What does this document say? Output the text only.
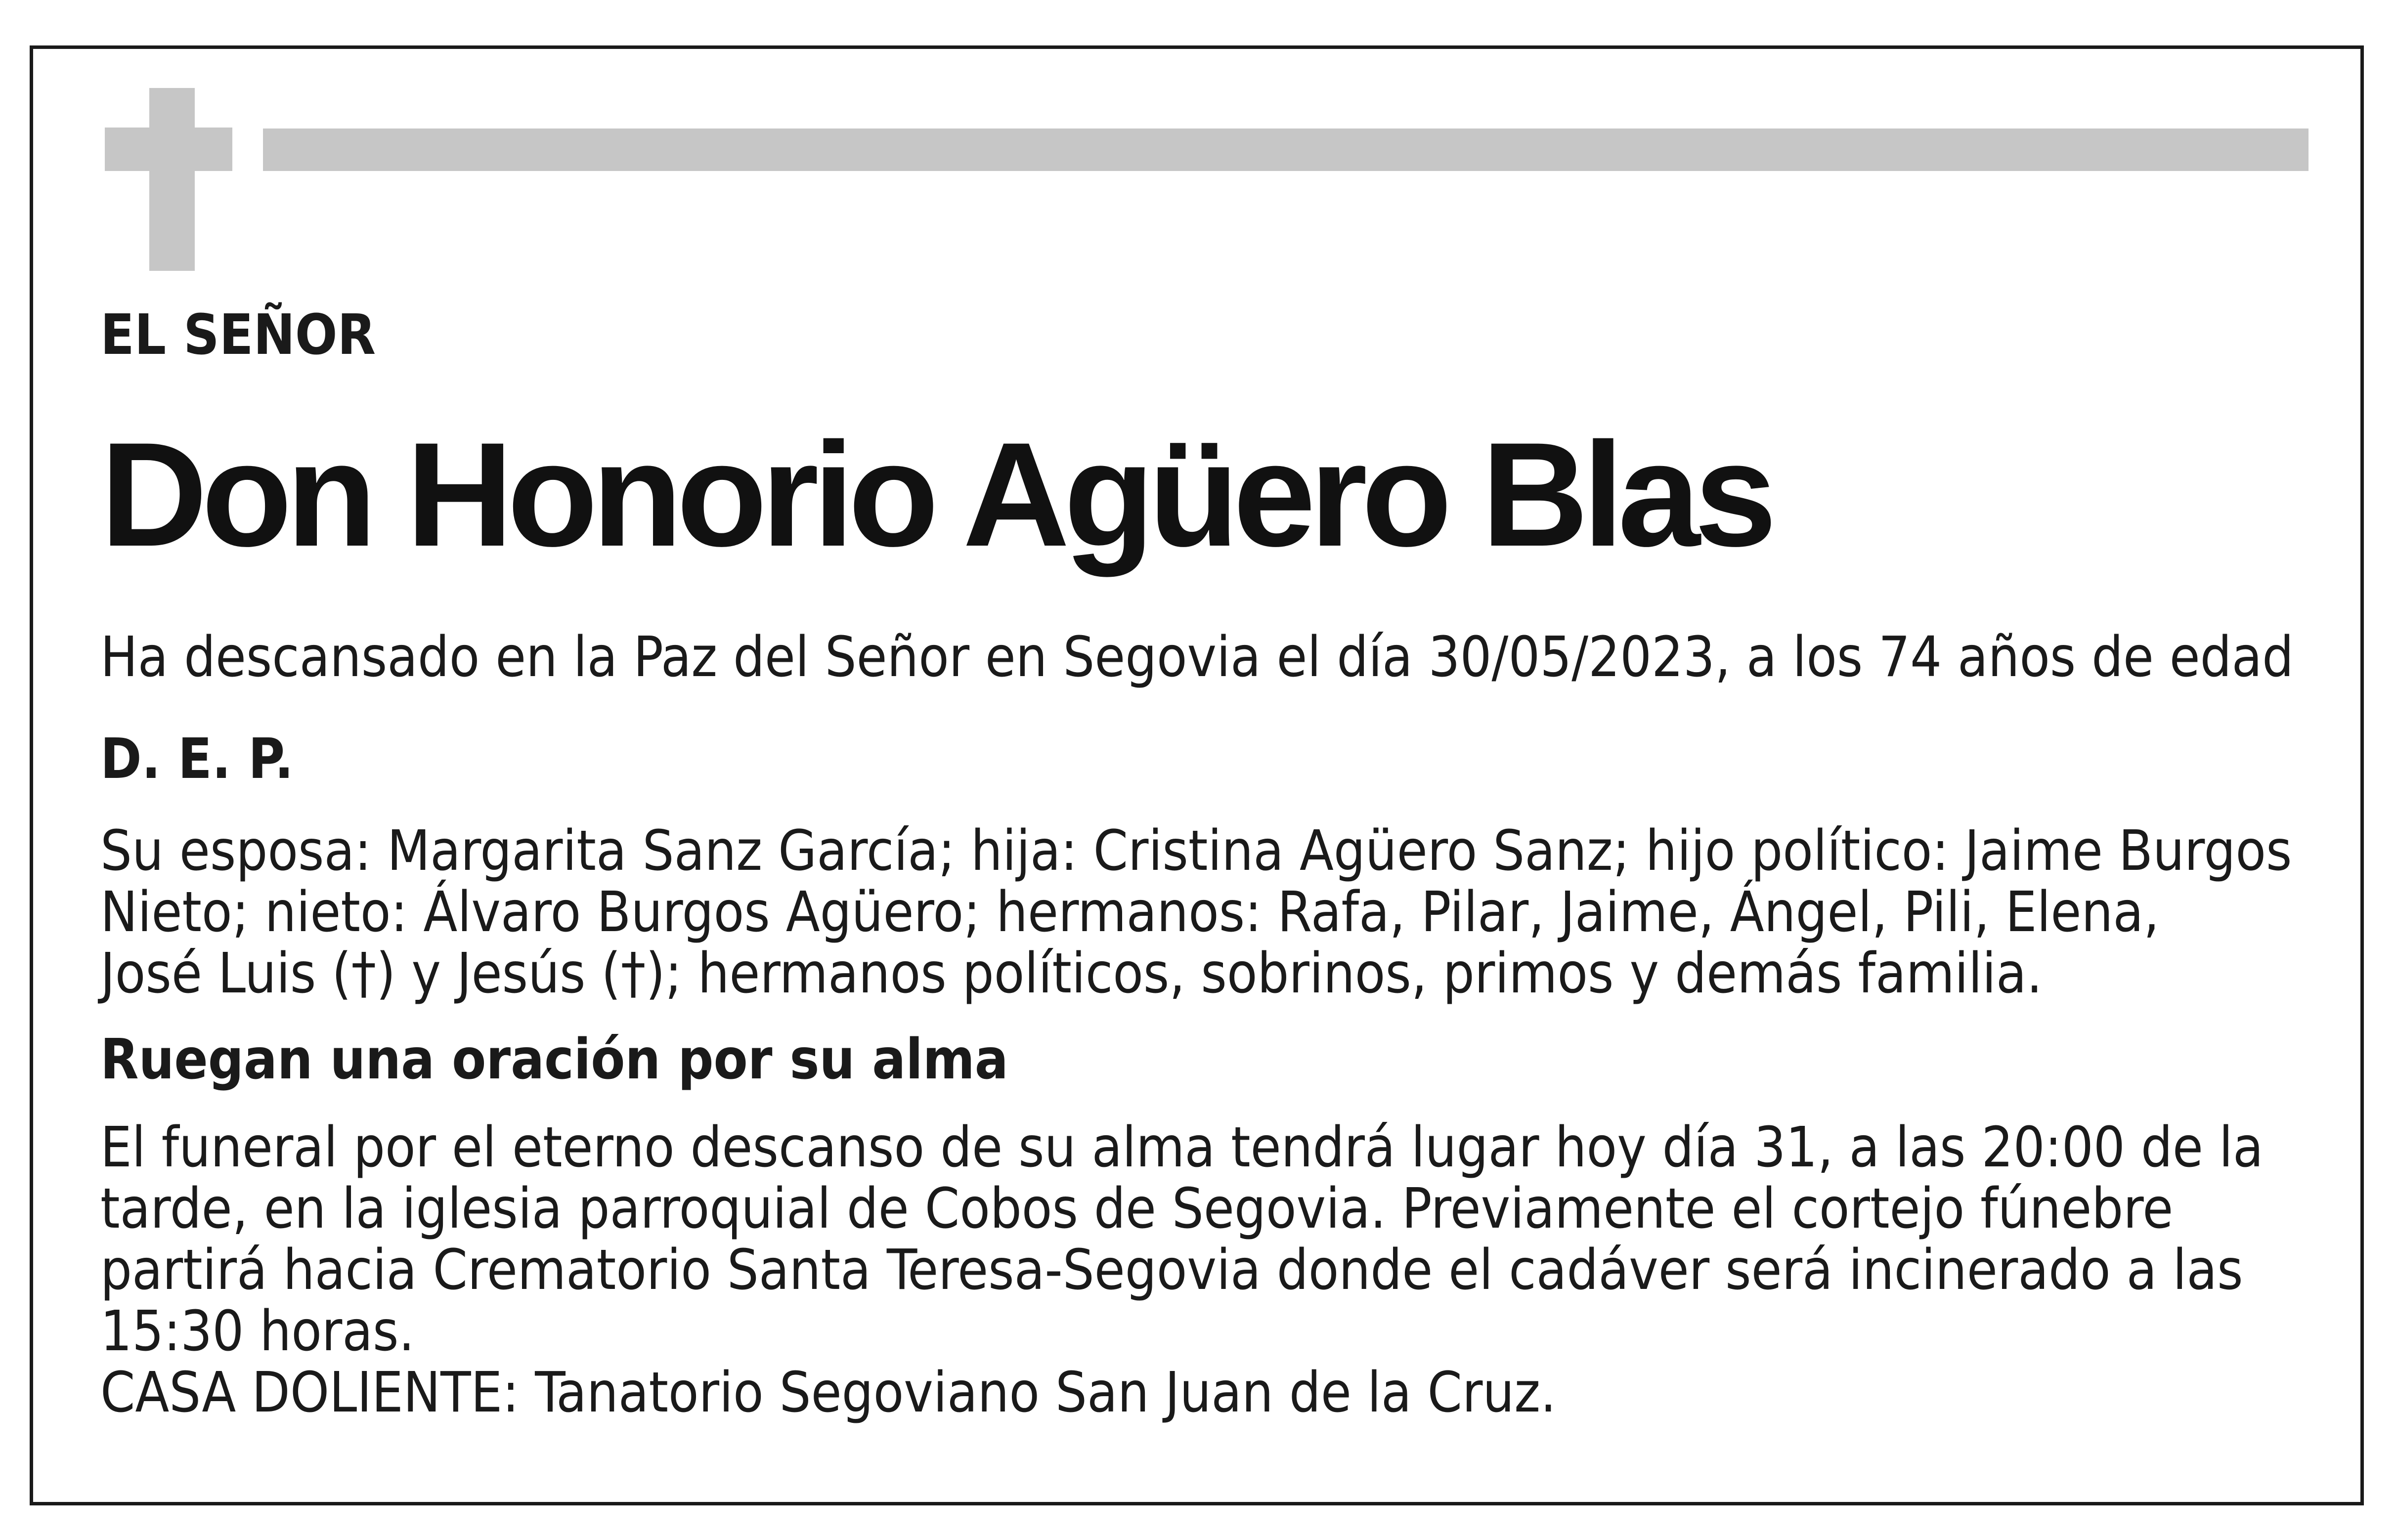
EL SEÑOR

Don Honorio Agüero Blas

Ha descansado en la Paz del Señor en Segovia el día 30/05/2023, a los 74 años de edad

D. E. P.

Su esposa: Margarita Sanz García; hija: Cristina Agüero Sanz; hijo político: Jaime Burgos
Nieto; nieto: Álvaro Burgos Agüero; hermanos: Rafa, Pilar, Jaime, Ángel, Pili, Elena,
José Luis (†) y Jesús (†); hermanos políticos, sobrinos, primos y demás familia.

Ruegan una oración por su alma

El funeral por el eterno descanso de su alma tendrá lugar hoy día 31, a las 20:00 de la
tarde, en la iglesia parroquial de Cobos de Segovia. Previamente el cortejo fúnebre
partirá hacia Crematorio Santa Teresa-Segovia donde el cadáver será incinerado a las
15:30 horas.
CASA DOLIENTE: Tanatorio Segoviano San Juan de la Cruz.
